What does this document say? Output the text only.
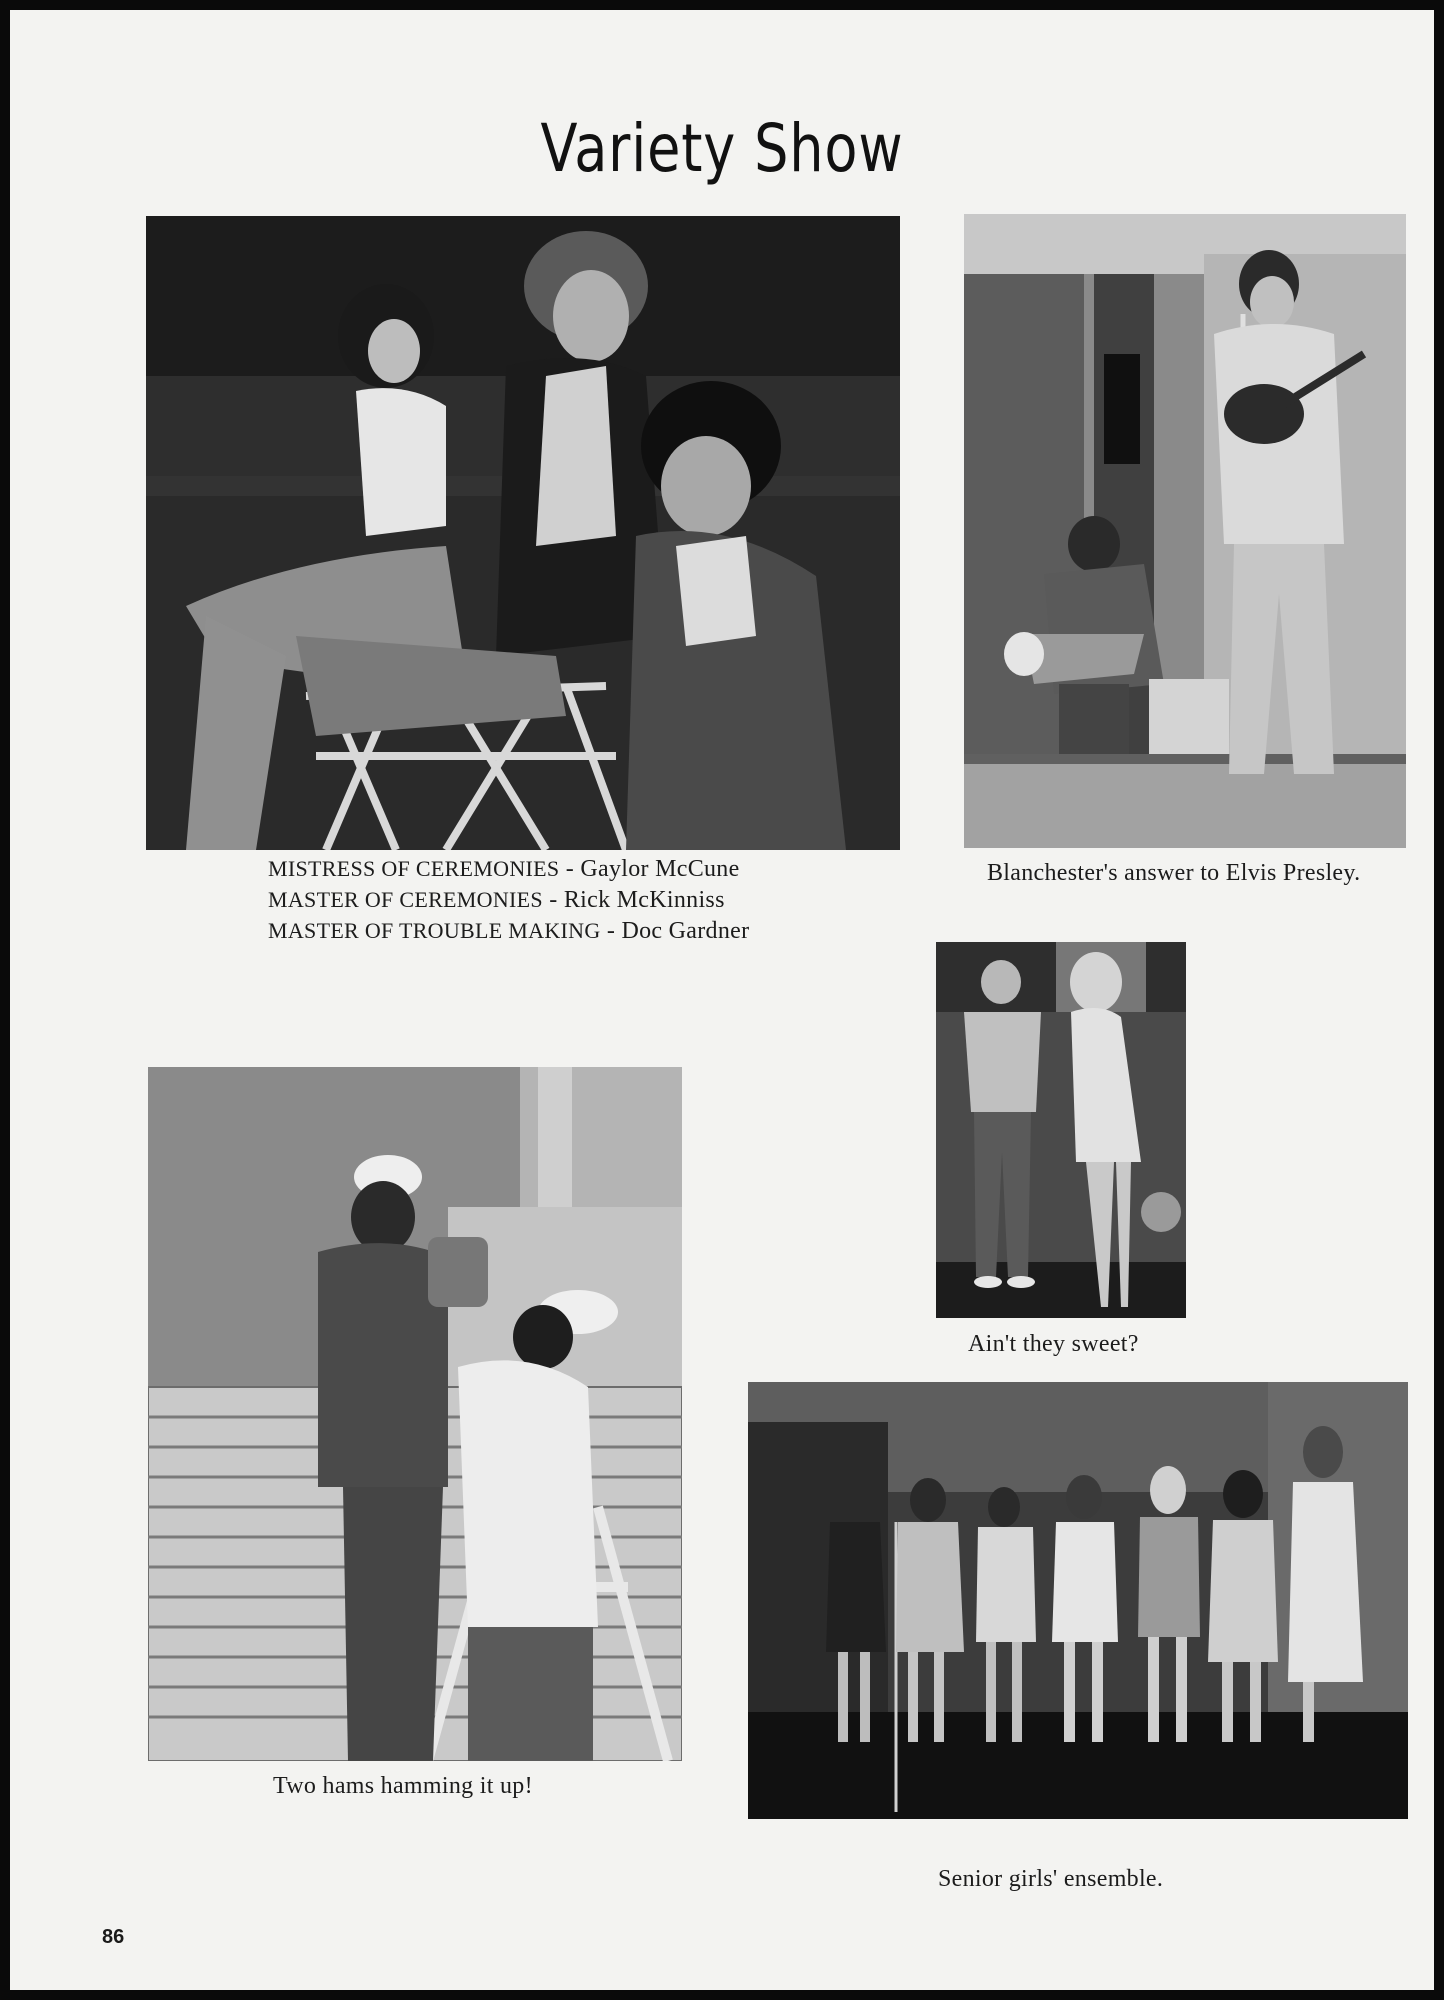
Variety Show
MISTRESS OF CEREMONIES - Gaylor McCune
MASTER OF CEREMONIES - Rick McKinniss
MASTER OF TROUBLE MAKING - Doc Gardner
Blanchester's answer to Elvis Presley.
Ain't they sweet?
Two hams hamming it up!
Senior girls' ensemble.
86
